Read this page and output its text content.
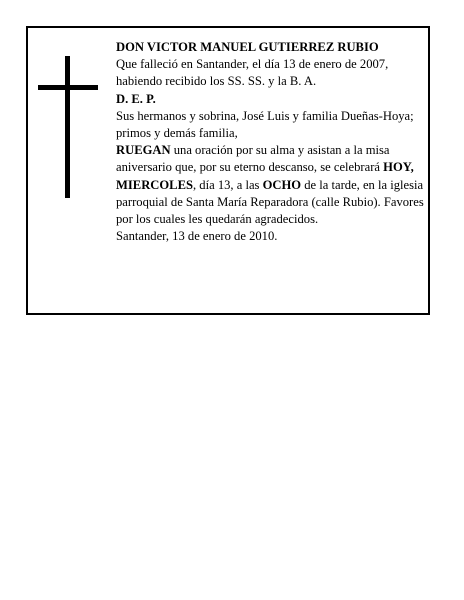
DON VICTOR MANUEL GUTIERREZ RUBIO

Que falleció en Santander, el día 13 de enero de 2007, habiendo recibido los SS. SS. y la B. A.

D. E. P.

Sus hermanos y sobrina, José Luis y familia Dueñas-Hoya; primos y demás familia,

RUEGAN una oración por su alma y asistan a la misa aniversario que, por su eterno descanso, se celebrará HOY, MIERCOLES, día 13, a las OCHO de la tarde, en la iglesia parroquial de Santa María Reparadora (calle Rubio). Favores por los cuales les quedarán agradecidos.

Santander, 13 de enero de 2010.
